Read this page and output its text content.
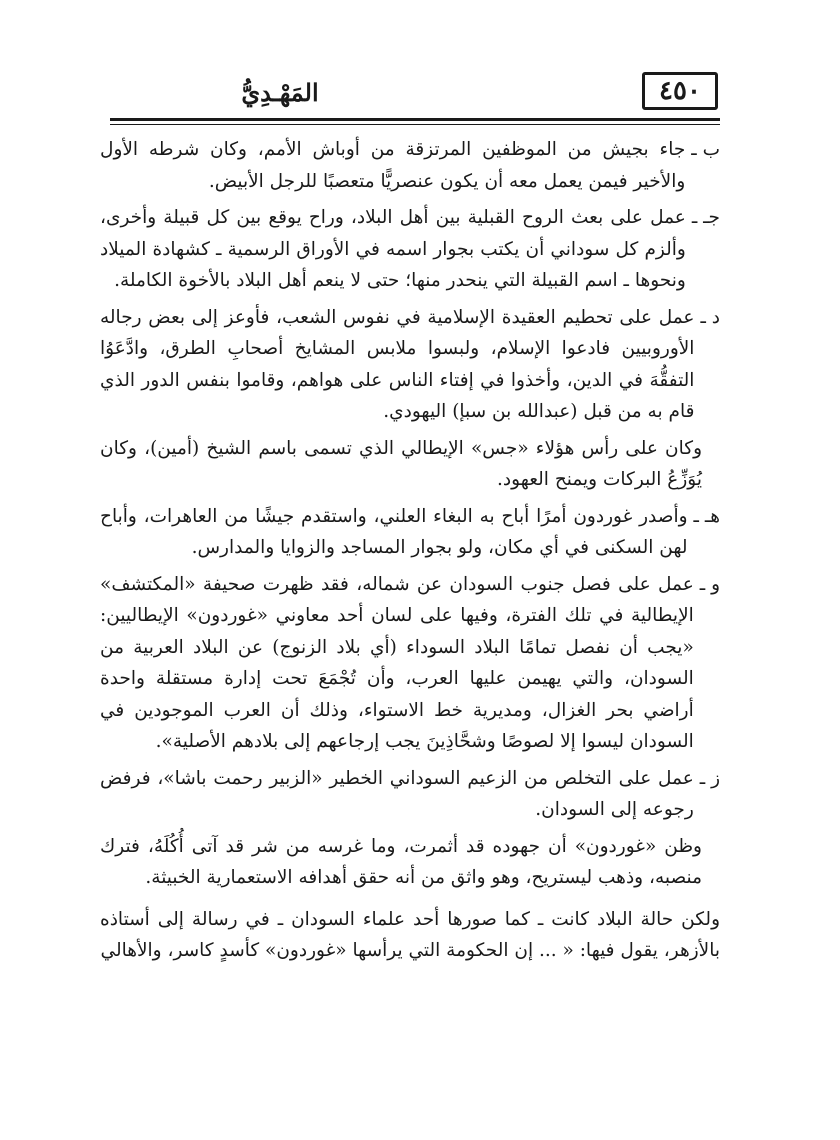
٤٥٠
المَهْـدِيُّ
ب ـ
جاء بجيش من الموظفين المرتزقة من أوباش الأمم، وكان شرطه الأول والأخير فيمن يعمل معه أن يكون عنصريًّا متعصبًا للرجل الأبيض.
جـ ـ
عمل على بعث الروح القبلية بين أهل البلاد، وراح يوقع بين كل قبيلة وأخرى، وألزم كل سوداني أن يكتب بجوار اسمه في الأوراق الرسمية ـ كشهادة الميلاد ونحوها ـ اسم القبيلة التي ينحدر منها؛ حتى لا ينعم أهل البلاد بالأخوة الكاملة.
د ـ
عمل على تحطيم العقيدة الإسلامية في نفوس الشعب، فأوعز إلى بعض رجاله الأوروبيين فادعوا الإسلام، ولبسوا ملابس المشايخ أصحابِ الطرق، وادَّعَوُا التفقُّهَ في الدين، وأخذوا في إفتاء الناس على هواهم، وقاموا بنفس الدور الذي قام به من قبل (عبدالله بن سبإ) اليهودي.

وكان على رأس هؤلاء «جس» الإيطالي الذي تسمى باسم الشيخ (أمين)، وكان يُوَزِّعُ البركات ويمنح العهود.

هـ ـ
وأصدر غوردون أمرًا أباح به البغاء العلني، واستقدم جيشًا من العاهرات، وأباح لهن السكنى في أي مكان، ولو بجوار المساجد والزوايا والمدارس.
و ـ
عمل على فصل جنوب السودان عن شماله، فقد ظهرت صحيفة «المكتشف» الإيطالية في تلك الفترة، وفيها على لسان أحد معاوني «غوردون» الإيطاليين: «يجب أن نفصل تمامًا البلاد السوداء (أي بلاد الزنوج) عن البلاد العربية من السودان، والتي يهيمن عليها العرب، وأن تُجْمَعَ تحت إدارة مستقلة واحدة أراضي بحر الغزال، ومديرية خط الاستواء، وذلك أن العرب الموجودين في السودان ليسوا إلا لصوصًا وشحَّاذِينَ يجب إرجاعهم إلى بلادهم الأصلية».
ز ـ
عمل على التخلص من الزعيم السوداني الخطير «الزبير رحمت باشا»، فرفض رجوعه إلى السودان.

وظن «غوردون» أن جهوده قد أثمرت، وما غرسه من شر قد آتى أُكُلَهُ، فترك منصبه، وذهب ليستريح، وهو واثق من أنه حقق أهدافه الاستعمارية الخبيثة.

ولكن حالة البلاد كانت ـ كما صورها أحد علماء السودان ـ في رسالة إلى أستاذه بالأزهر، يقول فيها: « ... إن الحكومة التي يرأسها «غوردون» كأسدٍ كاسر، والأهالي
